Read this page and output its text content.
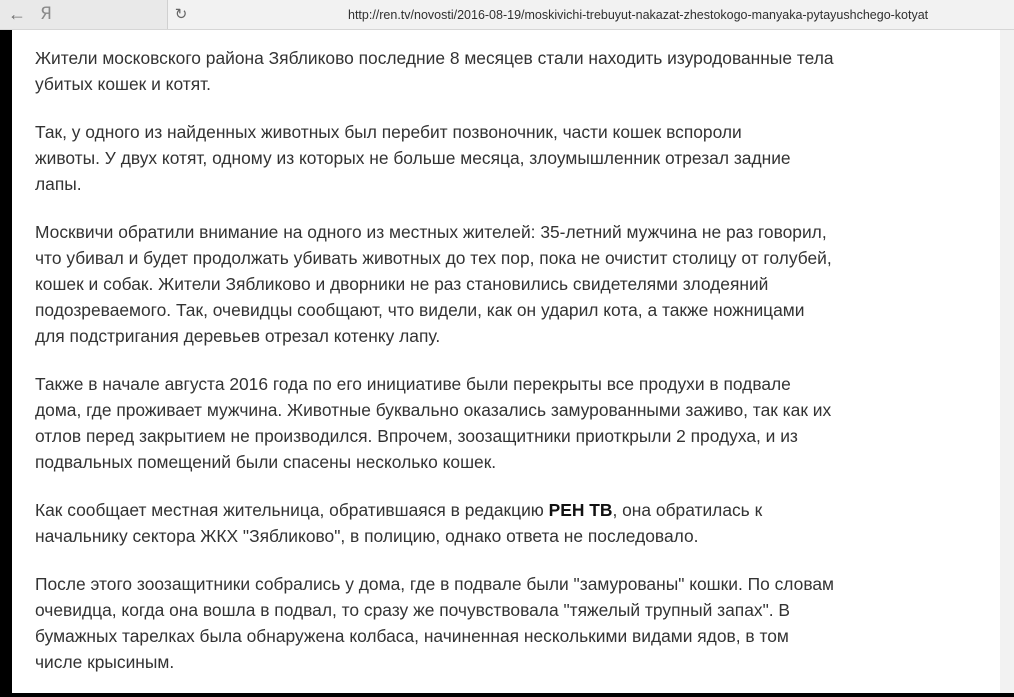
← Я	↻	http://ren.tv/novosti/2016-08-19/moskivichi-trebuyut-nakazat-zhestokogo-manyaka-pytayushchego-kotyat

Жители московского района Зябликово последние 8 месяцев стали находить изуродованные тела
убитых кошек и котят.

Так, у одного из найденных животных был перебит позвоночник, части кошек вспороли
животы. У двух котят, одному из которых не больше месяца, злоумышленник отрезал задние
лапы.

Москвичи обратили внимание на одного из местных жителей: 35-летний мужчина не раз говорил,
что убивал и будет продолжать убивать животных до тех пор, пока не очистит столицу от голубей,
кошек и собак. Жители Зябликово и дворники не раз становились свидетелями злодеяний
подозреваемого. Так, очевидцы сообщают, что видели, как он ударил кота, а также ножницами
для подстригания деревьев отрезал котенку лапу.

Также в начале августа 2016 года по его инициативе были перекрыты все продухи в подвале
дома, где проживает мужчина. Животные буквально оказались замурованными заживо, так как их
отлов перед закрытием не производился. Впрочем, зоозащитники приоткрыли 2 продуха, и из
подвальных помещений были спасены несколько кошек.

Как сообщает местная жительница, обратившаяся в редакцию РЕН ТВ, она обратилась к
начальнику сектора ЖКХ "Зябликово", в полицию, однако ответа не последовало.

После этого зоозащитники собрались у дома, где в подвале были "замурованы" кошки. По словам
очевидца, когда она вошла в подвал, то сразу же почувствовала "тяжелый трупный запах". В
бумажных тарелках была обнаружена колбаса, начиненная несколькими видами ядов, в том
числе крысиным.
